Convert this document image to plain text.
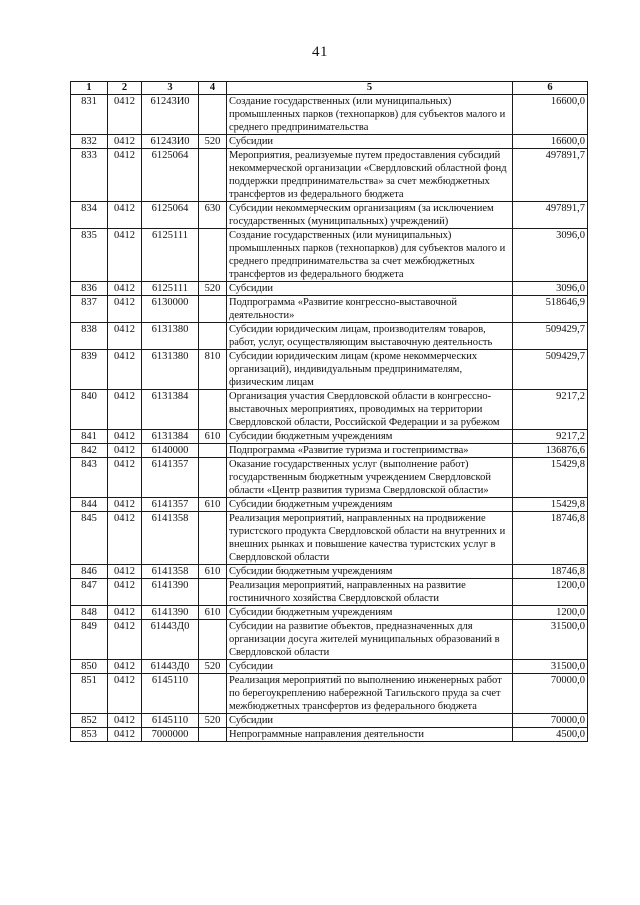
41
1	2	3	4	5	6
831	0412	61243И0		Создание государственных (или муниципальных) промышленных парков (технопарков) для субъектов малого и среднего предпринимательства	16600,0
832	0412	61243И0	520	Субсидии	16600,0
833	0412	6125064		Мероприятия, реализуемые путем предоставления субсидий некоммерческой организации «Свердловский областной фонд поддержки предпринимательства» за счет межбюджетных трансфертов из федерального бюджета	497891,7
834	0412	6125064	630	Субсидии некоммерческим организациям (за исключением государственных (муниципальных) учреждений)	497891,7
835	0412	6125111		Создание государственных (или муниципальных) промышленных парков (технопарков) для субъектов малого и среднего предпринимательства за счет межбюджетных трансфертов из федерального бюджета	3096,0
836	0412	6125111	520	Субсидии	3096,0
837	0412	6130000		Подпрограмма «Развитие конгрессно-выставочной деятельности»	518646,9
838	0412	6131380		Субсидии юридическим лицам, производителям товаров, работ, услуг, осуществляющим выставочную деятельность	509429,7
839	0412	6131380	810	Субсидии юридическим лицам (кроме некоммерческих организаций), индивидуальным предпринимателям, физическим лицам	509429,7
840	0412	6131384		Организация участия Свердловской области в конгрессно-выставочных мероприятиях, проводимых на территории Свердловской области, Российской Федерации и за рубежом	9217,2
841	0412	6131384	610	Субсидии бюджетным учреждениям	9217,2
842	0412	6140000		Подпрограмма «Развитие туризма и гостеприимства»	136876,6
843	0412	6141357		Оказание государственных услуг (выполнение работ) государственным бюджетным учреждением Свердловской области «Центр развития туризма Свердловской области»	15429,8
844	0412	6141357	610	Субсидии бюджетным учреждениям	15429,8
845	0412	6141358		Реализация мероприятий, направленных на продвижение туристского продукта Свердловской области на внутренних и внешних рынках и повышение качества туристских услуг в Свердловской области	18746,8
846	0412	6141358	610	Субсидии бюджетным учреждениям	18746,8
847	0412	6141390		Реализация мероприятий, направленных на развитие гостиничного хозяйства Свердловской области	1200,0
848	0412	6141390	610	Субсидии бюджетным учреждениям	1200,0
849	0412	61443Д0		Субсидии на развитие объектов, предназначенных для организации досуга жителей муниципальных образований в Свердловской области	31500,0
850	0412	61443Д0	520	Субсидии	31500,0
851	0412	6145110		Реализация мероприятий по выполнению инженерных работ по берегоукреплению набережной Тагильского пруда за счет межбюджетных трансфертов из федерального бюджета	70000,0
852	0412	6145110	520	Субсидии	70000,0
853	0412	7000000		Непрограммные направления деятельности	4500,0
